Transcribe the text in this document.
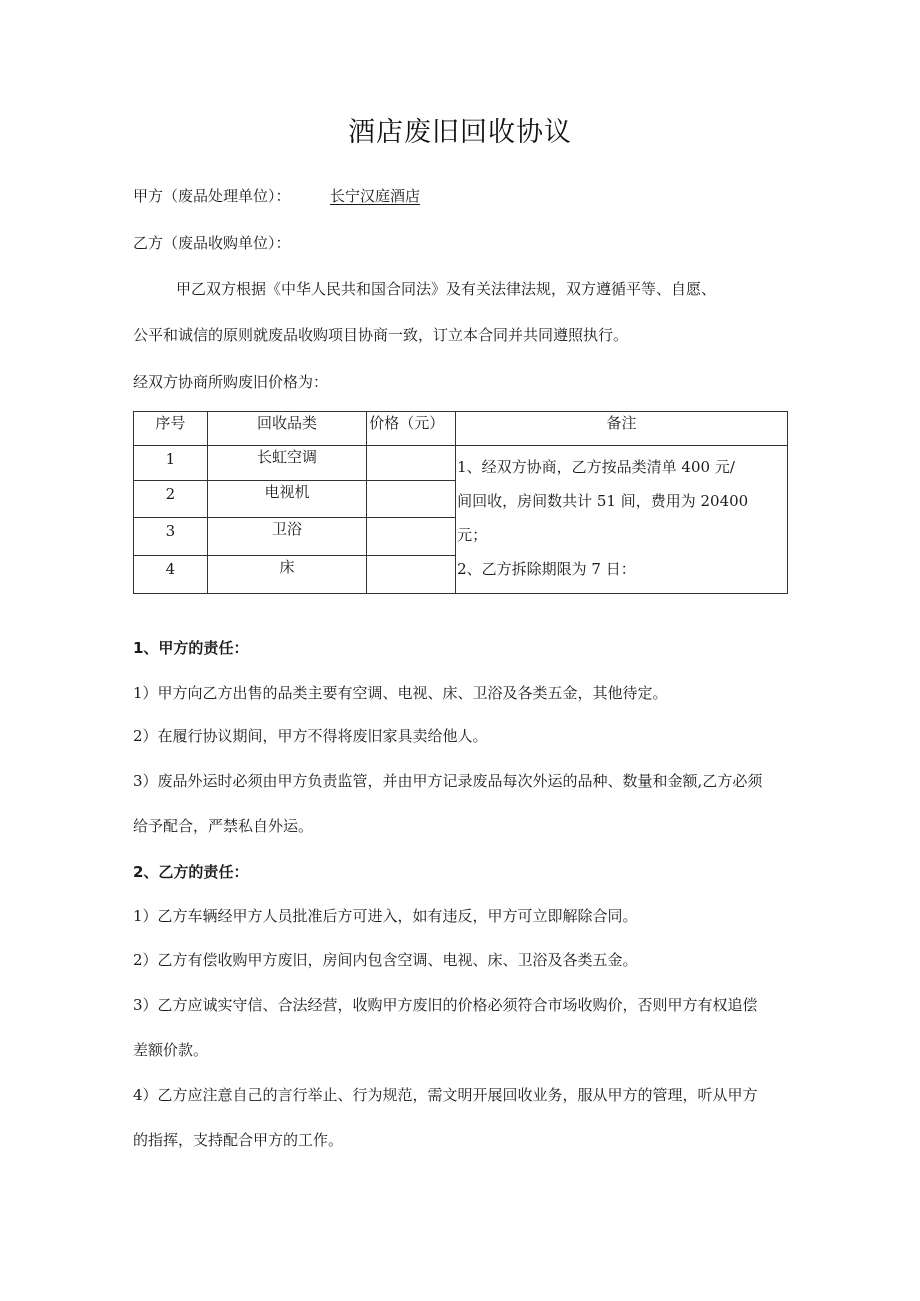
酒店废旧回收协议
甲方（废品处理单位）：	长宁汉庭酒店
乙方（废品收购单位）：
甲乙双方根据《中华人民共和国合同法》及有关法律法规，双方遵循平等、自愿、
公平和诚信的原则就废品收购项目协商一致，订立本合同并共同遵照执行。
经双方协商所购废旧价格为：
序号	回收品类	价格（元）	备注
1	长虹空调		1、经双方协商，乙方按品类清单 400 元/
间回收，房间数共计 51 间，费用为 20400
元；
2、乙方拆除期限为 7 日：

2	电视机		
3	卫浴		
4	床		
1、甲方的责任：
1）甲方向乙方出售的品类主要有空调、电视、床、卫浴及各类五金，其他待定。
2）在履行协议期间，甲方不得将废旧家具卖给他人。
3）废品外运时必须由甲方负责监管，并由甲方记录废品每次外运的品种、数量和金额,乙方必须
给予配合，严禁私自外运。
2、乙方的责任：
1）乙方车辆经甲方人员批准后方可进入，如有违反，甲方可立即解除合同。
2）乙方有偿收购甲方废旧，房间内包含空调、电视、床、卫浴及各类五金。
3）乙方应诚实守信、合法经营，收购甲方废旧的价格必须符合市场收购价，否则甲方有权追偿
差额价款。
4）乙方应注意自己的言行举止、行为规范，需文明开展回收业务，服从甲方的管理，听从甲方
的指挥，支持配合甲方的工作。
